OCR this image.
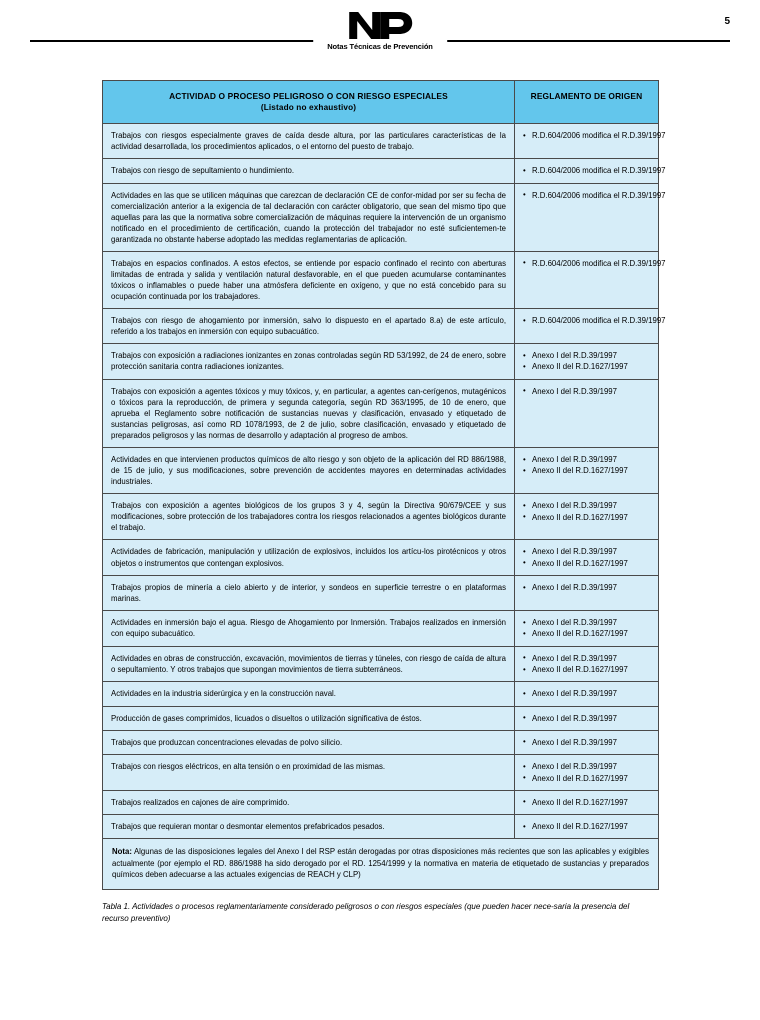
Notas Técnicas de Prevención
5
ACTIVIDAD O PROCESO PELIGROSO O CON RIESGO ESPECIALES
(Listado no exhaustivo)	REGLAMENTO DE ORIGEN
Trabajos con riesgos especialmente graves de caída desde altura, por las particulares características de la actividad desarrollada, los procedimientos aplicados, o el entorno del puesto de trabajo.	
• R.D.604/2006 modifica el R.D.39/1997

Trabajos con riesgo de sepultamiento o hundimiento.	
•R.D.604/2006 modifica el R.D.39/1997

Actividades en las que se utilicen máquinas que carezcan de declaración CE de confor-midad por ser su fecha de comercialización anterior a la exigencia de tal declaración con carácter obligatorio, que sean del mismo tipo que aquellas para las que la normativa sobre comercialización de máquinas requiere la intervención de un organismo notificado en el procedimiento de certificación, cuando la protección del trabajador no esté suficientemen-te garantizada no obstante haberse adoptado las medidas reglamentarias de aplicación.	
• R.D.604/2006 modifica el R.D.39/1997

Trabajos en espacios confinados. A estos efectos, se entiende por espacio confinado el recinto con aberturas limitadas de entrada y salida y ventilación natural desfavorable, en el que pueden acumularse contaminantes tóxicos o inflamables o puede haber una atmósfera deficiente en oxígeno, y que no está concebido para su ocupación continuada por los trabajadores.	
• R.D.604/2006 modifica el R.D.39/1997

Trabajos con riesgo de ahogamiento por inmersión, salvo lo dispuesto en el apartado 8.a) de este artículo, referido a los trabajos en inmersión con equipo subacuático.	
• R.D.604/2006 modifica el R.D.39/1997

Trabajos con exposición a radiaciones ionizantes en zonas controladas según RD 53/1992, de 24 de enero, sobre protección sanitaria contra radiaciones ionizantes.	
• Anexo I del R.D.39/1997
• Anexo II del R.D.1627/1997

Trabajos con exposición a agentes tóxicos y muy tóxicos, y, en particular, a agentes can-cerígenos, mutagénicos o tóxicos para la reproducción, de primera y segunda categoría, según RD 363/1995, de 10 de enero, que aprueba el Reglamento sobre notificación de sustancias nuevas y clasificación, envasado y etiquetado de sustancias peligrosas, así como RD 1078/1993, de 2 de julio, sobre clasificación, envasado y etiquetado de preparados peligrosos y las normas de desarrollo y adaptación al progreso de ambos.	
• Anexo I del R.D.39/1997

Actividades en que intervienen productos químicos de alto riesgo y son objeto de la aplicación del RD 886/1988, de 15 de julio, y sus modificaciones, sobre prevención de accidentes mayores en determinadas actividades industriales.	
• Anexo I del R.D.39/1997
• Anexo II del R.D.1627/1997

Trabajos con exposición a agentes biológicos de los grupos 3 y 4, según la Directiva 90/679/CEE y sus modificaciones, sobre protección de los trabajadores contra los riesgos relacionados a agentes biológicos durante el trabajo.	
• Anexo I del R.D.39/1997
• Anexo II del R.D.1627/1997

Actividades de fabricación, manipulación y utilización de explosivos, incluidos los artícu-los pirotécnicos y otros objetos o instrumentos que contengan explosivos.	
• Anexo I del R.D.39/1997
• Anexo II del R.D.1627/1997

Trabajos propios de minería a cielo abierto y de interior, y sondeos en superficie terrestre o en plataformas marinas.	
• Anexo I del R.D.39/1997

Actividades en inmersión bajo el agua. Riesgo de Ahogamiento por Inmersión. Trabajos realizados en inmersión con equipo subacuático.	
• Anexo I del R.D.39/1997
• Anexo II del R.D.1627/1997

Actividades en obras de construcción, excavación, movimientos de tierras y túneles, con riesgo de caída de altura o sepultamiento. Y otros trabajos que supongan movimientos de tierra subterráneos.	
• Anexo I del R.D.39/1997
• Anexo II del R.D.1627/1997

Actividades en la industria siderúrgica y en la construcción naval.	
•Anexo I del R.D.39/1997

Producción de gases comprimidos, licuados o disueltos o utilización significativa de éstos.	
•Anexo I del R.D.39/1997

Trabajos que produzcan concentraciones elevadas de polvo silicio.	
•Anexo I del R.D.39/1997

Trabajos con riesgos eléctricos, en alta tensión o en proximidad de las mismas.	
•Anexo I del R.D.39/1997
• Anexo II del R.D.1627/1997

Trabajos realizados en cajones de aire comprimido.	
•Anexo II del R.D.1627/1997

Trabajos que requieran montar o desmontar elementos prefabricados pesados.	
•Anexo II del R.D.1627/1997

Nota: Algunas de las disposiciones legales del Anexo I del RSP están derogadas por otras disposiciones más recientes que son las aplicables y exigibles actualmente (por ejemplo el RD. 886/1988 ha sido derogado por el RD. 1254/1999 y la normativa en materia de etiquetado de sustancias y preparados químicos deben adecuarse a las actuales exigencias de REACH y CLP)	
Tabla 1. Actividades o procesos reglamentariamente considerado peligrosos o con riesgos especiales (que pueden hacer nece-saria la presencia del recurso preventivo)
